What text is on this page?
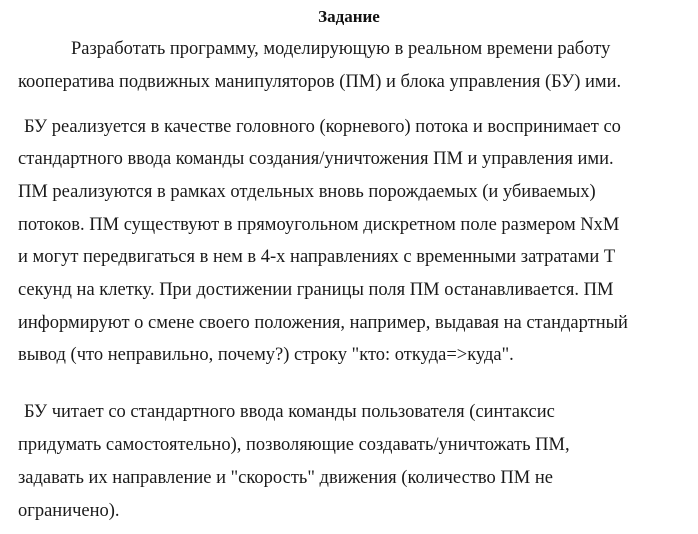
Задание
Разработать программу, моделирующую в реальном времени работу
кооператива подвижных манипуляторов (ПМ) и блока управления (БУ) ими.
БУ реализуется в качестве головного (корневого) потока и воспринимает со
стандартного ввода команды создания/уничтожения ПМ и управления ими.
ПМ реализуются в рамках отдельных вновь порождаемых (и убиваемых)
потоков. ПМ существуют в прямоугольном дискретном поле размером NxM
и могут передвигаться в нем в 4-х направлениях с временными затратами T
секунд на клетку. При достижении границы поля ПМ останавливается. ПМ
информируют о смене своего положения, например, выдавая на стандартный
вывод (что неправильно, почему?) строку "кто: откуда=>куда".
БУ читает со стандартного ввода команды пользователя (синтаксис
придумать самостоятельно), позволяющие создавать/уничтожать ПМ,
задавать их направление и "скорость" движения (количество ПМ не
ограничено).
